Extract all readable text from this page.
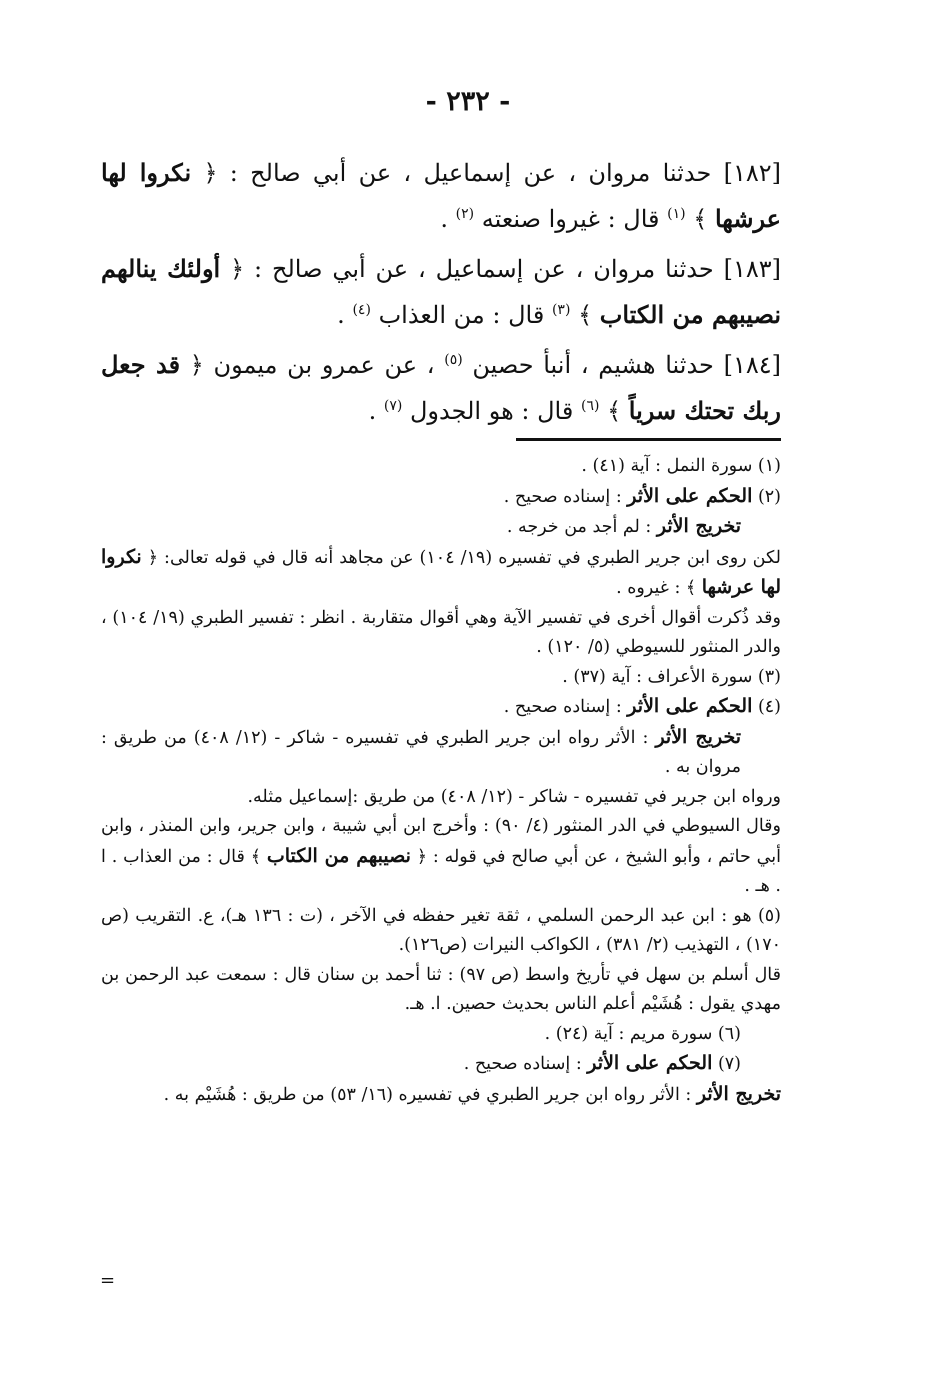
- ٢٣٢ -

[١٨٢] حدثنا مروان ، عن إسماعيل ، عن أبي صالح : ﴿ نكروا لها عرشها ﴾ $^{(١)}$ قال : غيروا صنعته $^{(٢)}$ .

[١٨٣] حدثنا مروان ، عن إسماعيل ، عن أبي صالح : ﴿ أولئك ينالهم نصيبهم من الكتاب ﴾ $^{(٣)}$ قال : من العذاب $^{(٤)}$ .

[١٨٤] حدثنا هشيم ، أنبأ حصين $^{(٥)}$ ، عن عمرو بن ميمون ﴿ قد جعل ربك تحتك سرياً ﴾ $^{(٦)}$ قال : هو الجدول $^{(٧)}$ .

(١) سورة النمل : آية (٤١) .

(٢) الحكم على الأثر : إسناده صحيح .

تخريج الأثر : لم أجد من خرجه .

لكن روى ابن جرير الطبري في تفسيره (١٩/ ١٠٤) عن مجاهد أنه قال في قوله تعالى: ﴿ نكروا لها عرشها ﴾ : غيروه .

وقد ذُكرت أقوال أخرى في تفسير الآية وهي أقوال متقاربة . انظر : تفسير الطبري (١٩/ ١٠٤) ، والدر المنثور للسيوطي (٥/ ١٢٠) .

(٣) سورة الأعراف : آية (٣٧) .

(٤) الحكم على الأثر : إسناده صحيح .

تخريج الأثر : الأثر رواه ابن جرير الطبري في تفسيره - شاكر - (١٢/ ٤٠٨) من طريق : مروان به .

ورواه ابن جرير في تفسيره - شاكر - (١٢/ ٤٠٨) من طريق :إسماعيل مثله.

وقال السيوطي في الدر المنثور (٤/ ٩٠) : وأخرج ابن أبي شيبة ، وابن جرير، وابن المنذر ، وابن أبي حاتم ، وأبو الشيخ ، عن أبي صالح في قوله : ﴿ نصيبهم من الكتاب ﴾ قال : من العذاب . ا . هـ .

(٥) هو : ابن عبد الرحمن السلمي ، ثقة تغير حفظه في الآخر ، (ت : ١٣٦ هـ)، ع. التقريب (ص ١٧٠) ، التهذيب (٢/ ٣٨١) ، الكواكب النيرات (ص١٢٦).

قال أسلم بن سهل في تأريخ واسط (ص ٩٧) : ثنا أحمد بن سنان قال : سمعت عبد الرحمن بن مهدي يقول : هُشَيْم أعلم الناس بحديث حصين. ا. هـ.

(٦) سورة مريم : آية (٢٤) .

(٧) الحكم على الأثر : إسناده صحيح .

تخريج الأثر : الأثر رواه ابن جرير الطبري في تفسيره (١٦/ ٥٣) من طريق : هُشَيْم به .

=
